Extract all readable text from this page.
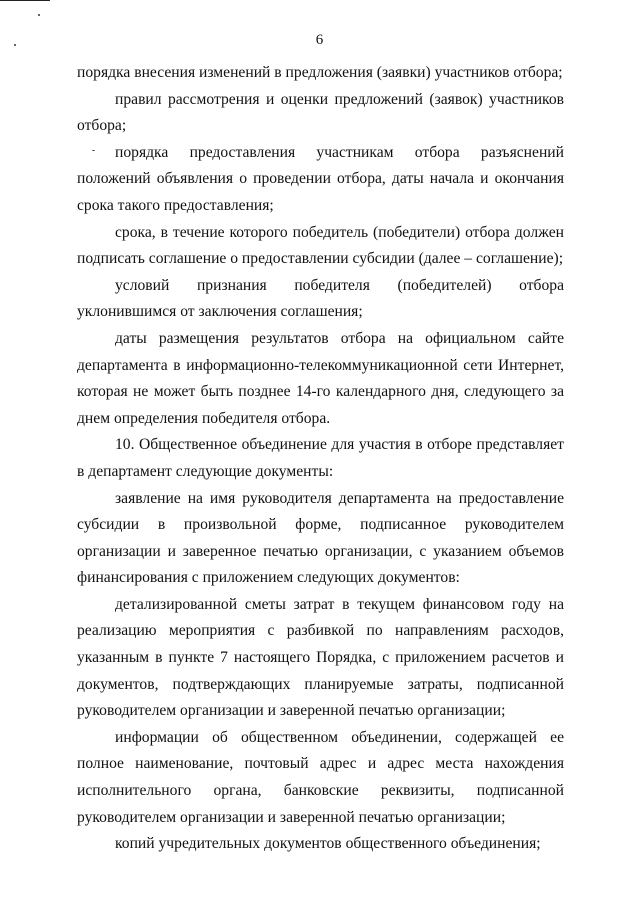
6

порядка внесения изменений в предложения (заявки) участников отбора;

правил рассмотрения и оценки предложений (заявок) участников отбора;

порядка предоставления участникам отбора разъяснений положений объявления о проведении отбора, даты начала и окончания срока такого предоставления;

срока, в течение которого победитель (победители) отбора должен подписать соглашение о предоставлении субсидии (далее – соглашение);

условий признания победителя (победителей) отбора уклонившимся от заключения соглашения;

даты размещения результатов отбора на официальном сайте департамента в информационно-телекоммуникационной сети Интернет, которая не может быть позднее 14-го календарного дня, следующего за днем определения победителя отбора.

10. Общественное объединение для участия в отборе представляет в департамент следующие документы:

заявление на имя руководителя департамента на предоставление субсидии в произвольной форме, подписанное руководителем организации и заверенное печатью организации, с указанием объемов финансирования с приложением следующих документов:

детализированной сметы затрат в текущем финансовом году на реализацию мероприятия с разбивкой по направлениям расходов, указанным в пункте 7 настоящего Порядка, с приложением расчетов и документов, подтверждающих планируемые затраты, подписанной руководителем организации и заверенной печатью организации;

информации об общественном объединении, содержащей ее полное наименование, почтовый адрес и адрес места нахождения исполнительного органа, банковские реквизиты, подписанной руководителем организации и заверенной печатью организации;

копий учредительных документов общественного объединения;
